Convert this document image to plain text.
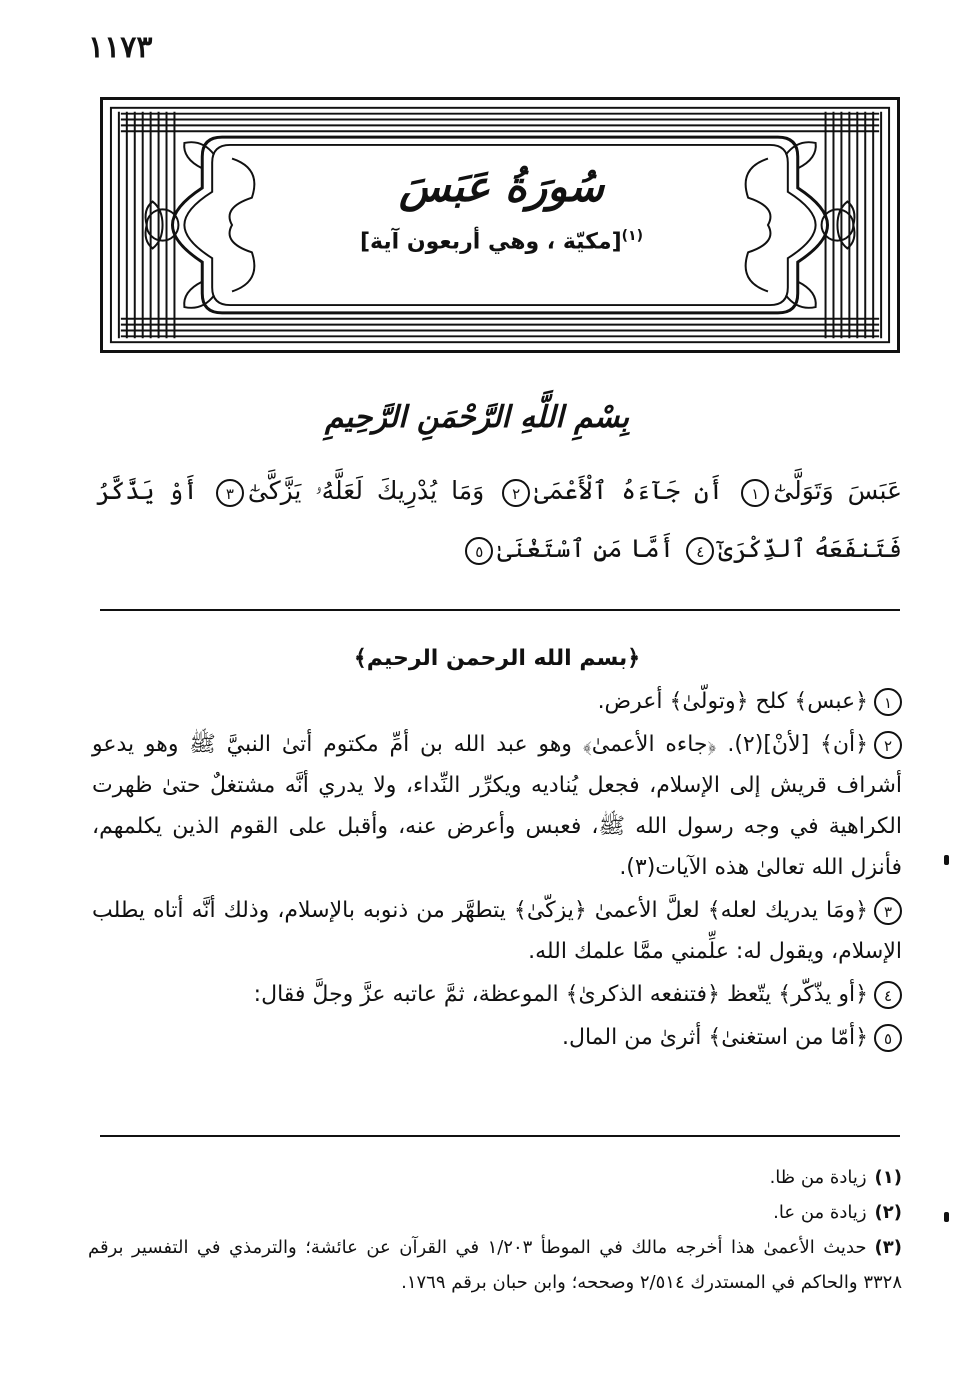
١١٧٣
سُورَةُ عَبَسَ
[مكيّة ، وهي أربعون آية]$^{(١)}$
بِسْمِ اللَّهِ الرَّحْمَنِ الرَّحِيمِ
عَبَسَ وَتَوَلَّىٰٓ١ أَن جَآءَهُ ٱلْأَعْمَىٰ٢ وَمَا يُدْرِيكَ لَعَلَّهُۥ يَزَّكَّىٰٓ٣ أَوْ يَذَّكَّرُ فَتَنفَعَهُ ٱلذِّكْرَىٰٓ٤ أَمَّا مَنِ ٱسْتَغْنَىٰ٥
﴿بسم الله الرحمن الرحيم﴾
١﴿عبس﴾ كلح ﴿وتولّىٰ﴾ أعرض.
٢﴿أن﴾ [لأنْ](٢). ﴿جاءه الأعمىٰ﴾ وهو عبد الله بن أمِّ مكتوم أتىٰ النبيَّ ﷺ وهو يدعو أشراف قريش إلى الإسلام، فجعل يُناديه ويكرِّر النِّداء، ولا يدري أنَّه مشتغلٌ حتىٰ ظهرت الكراهية في وجه رسول الله ﷺ، فعبس وأعرض عنه، وأقبل على القوم الذين يكلمهم، فأنزل الله تعالىٰ هذه الآيات(٣).
٣﴿ومَا يدريك لعله﴾ لعلَّ الأعمىٰ ﴿يزكّىٰ﴾ يتطهَّر من ذنوبه بالإسلام، وذلك أنَّه أتاه يطلب الإسلام، ويقول له: علِّمني ممَّا علمك الله.
٤﴿أو يذّكّر﴾ يتّعظ ﴿فتنفعه الذكرىٰ﴾ الموعظة، ثمَّ عاتبه عزَّ وجلَّ فقال:
٥﴿أمّا من استغنىٰ﴾ أثرىٰ من المال.
(١)زيادة من ظا.
(٢)زيادة من عا.
(٣)حديث الأعمىٰ هذا أخرجه مالك في الموطأ ١/٢٠٣ في القرآن عن عائشة؛ والترمذي في التفسير برقم ٣٣٢٨ والحاكم في المستدرك ٢/٥١٤ وصححه؛ وابن حبان برقم ١٧٦٩.
